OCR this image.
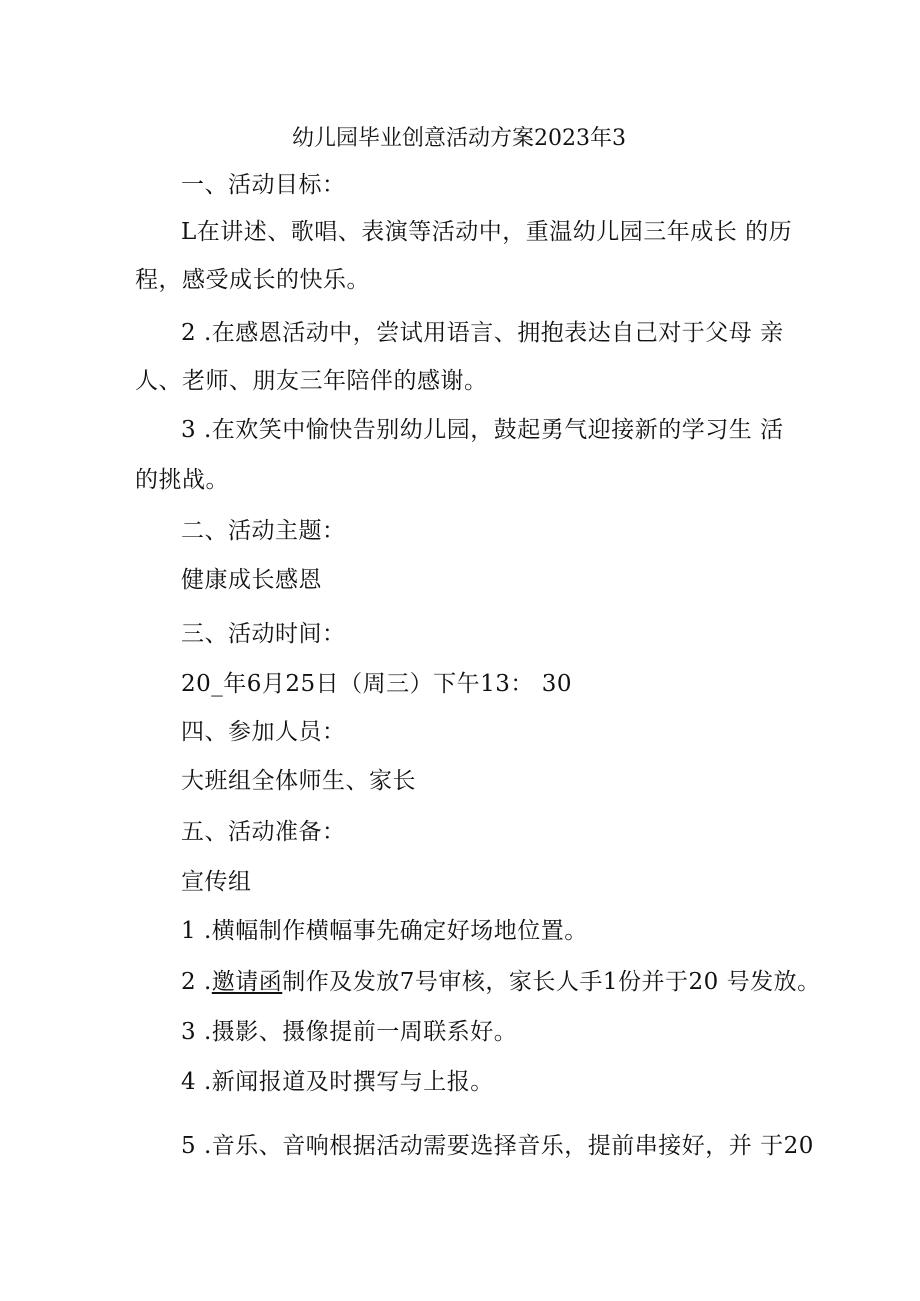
幼儿园毕业创意活动方案2023年3

一、活动目标：

L在讲述、歌唱、表演等活动中，重温幼儿园三年成长 的历

程，感受成长的快乐。

2 .在感恩活动中，尝试用语言、拥抱表达自己对于父母 亲

人、老师、朋友三年陪伴的感谢。

3 .在欢笑中愉快告别幼儿园，鼓起勇气迎接新的学习生 活

的挑战。

二、活动主题：

健康成长感恩

三、活动时间：

20_年6月25日（周三）下午13： 30

四、参加人员：

大班组全体师生、家长

五、活动准备：

宣传组

1 .横幅制作横幅事先确定好场地位置。

2 .邀请函制作及发放7号审核，家长人手1份并于20 号发放。

3 .摄影、摄像提前一周联系好。

4 .新闻报道及时撰写与上报。

5 .音乐、音响根据活动需要选择音乐，提前串接好，并 于20
